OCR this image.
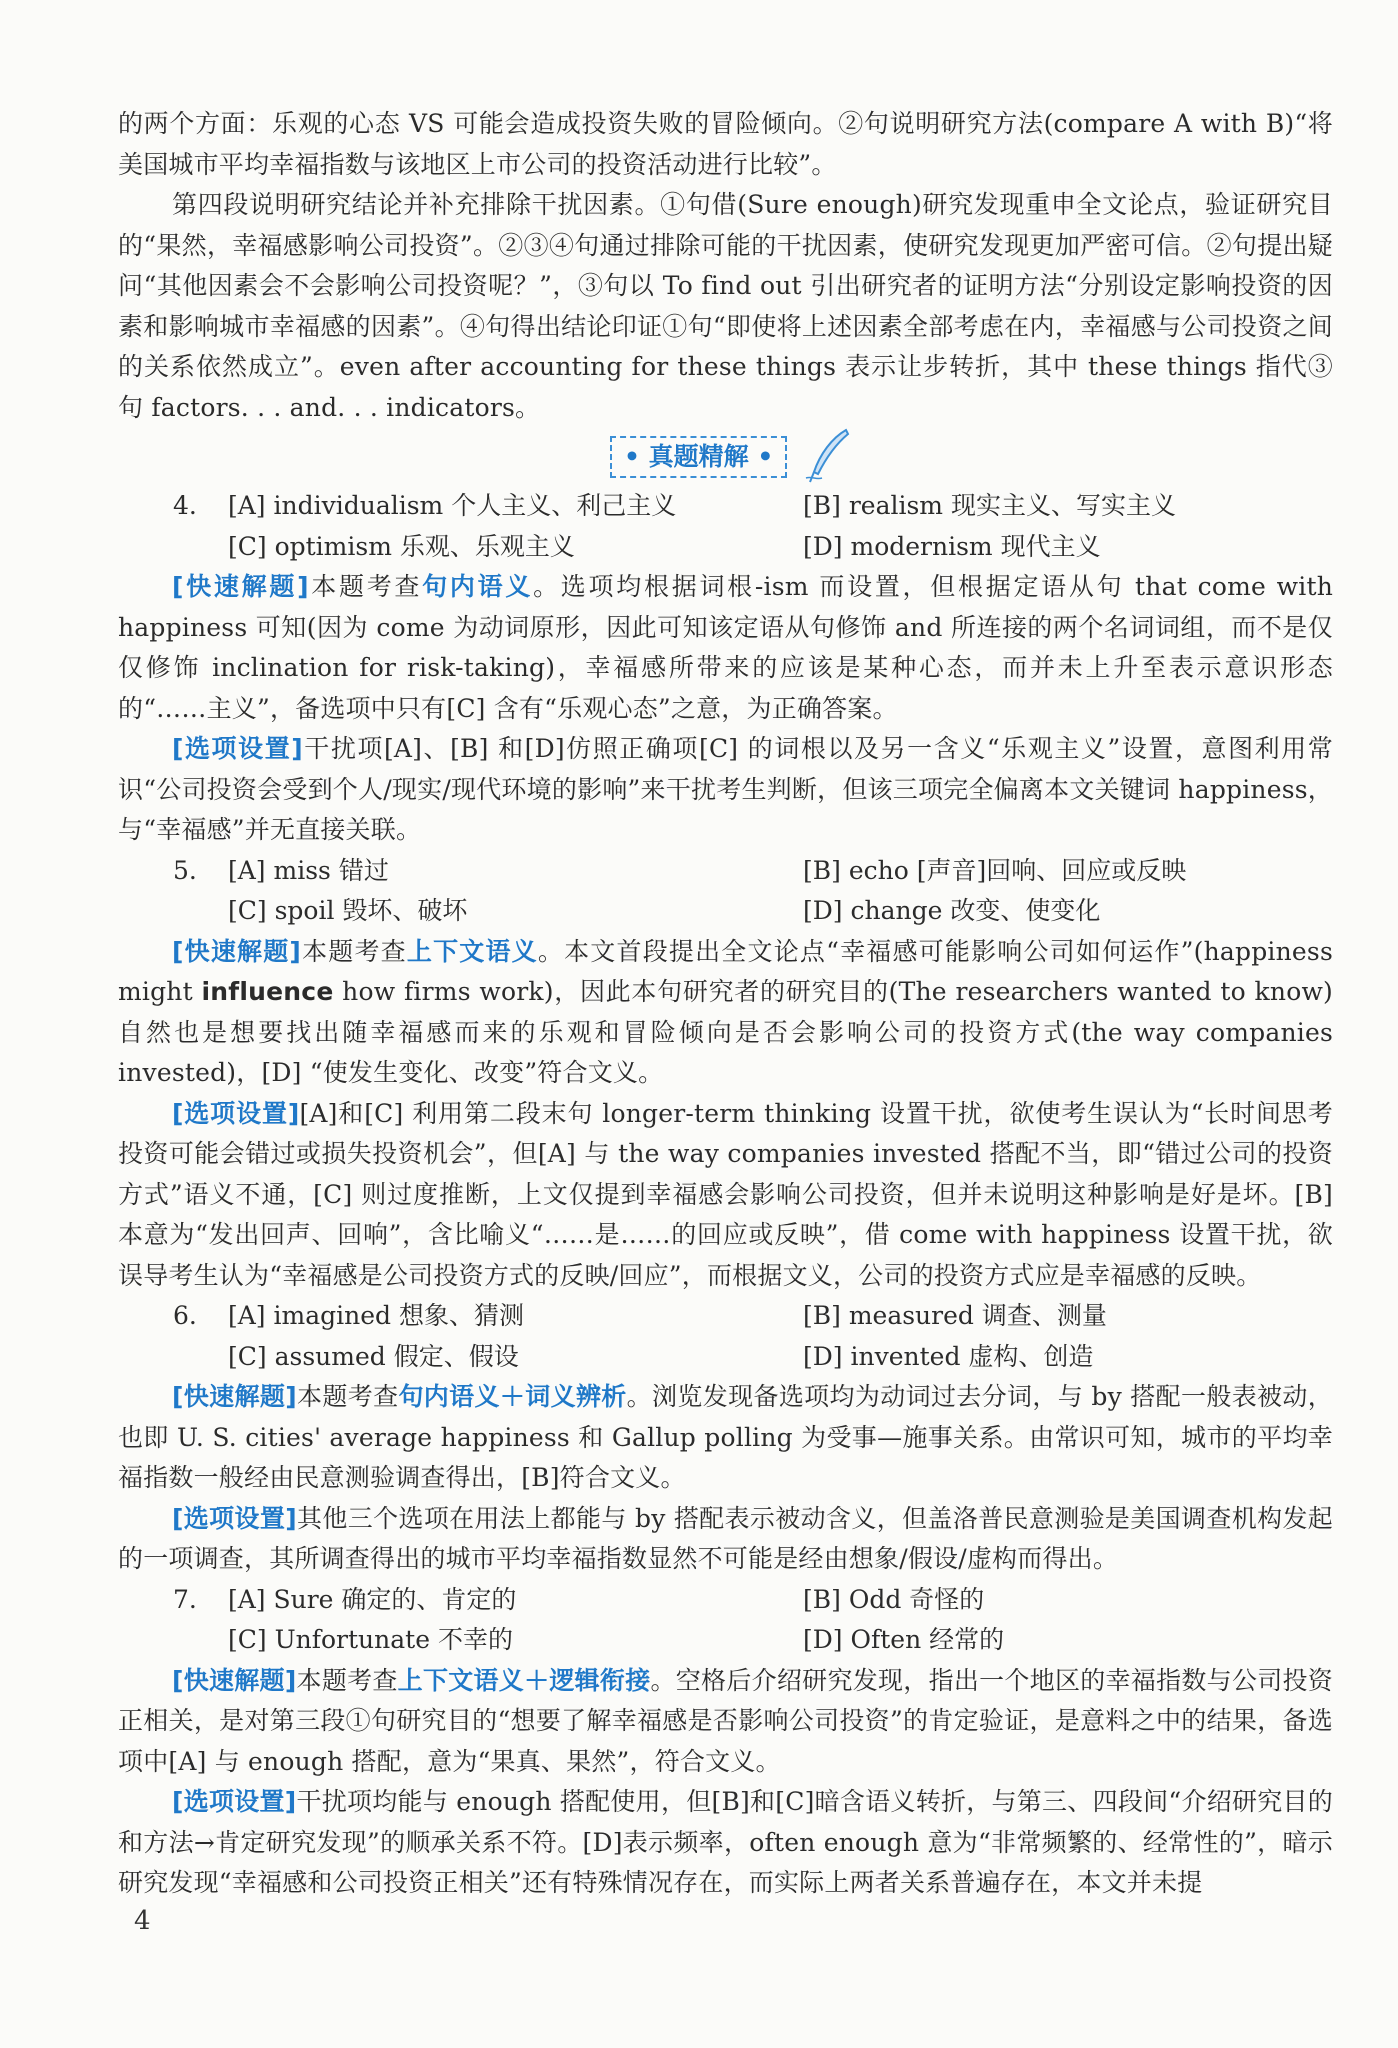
的两个方面：乐观的心态 VS 可能会造成投资失败的冒险倾向。②句说明研究方法(compare A with B)“将美国城市平均幸福指数与该地区上市公司的投资活动进行比较”。

第四段说明研究结论并补充排除干扰因素。①句借(Sure enough)研究发现重申全文论点，验证研究目的“果然，幸福感影响公司投资”。②③④句通过排除可能的干扰因素，使研究发现更加严密可信。②句提出疑问“其他因素会不会影响公司投资呢？”，③句以 To find out 引出研究者的证明方法“分别设定影响投资的因素和影响城市幸福感的因素”。④句得出结论印证①句“即使将上述因素全部考虑在内，幸福感与公司投资之间的关系依然成立”。even after accounting for these things 表示让步转折，其中 these things 指代③句 factors. . . and. . . indicators。

• 真题精解 •
4.	[A] individualism 个人主义、利己主义	[B] realism 现实主义、写实主义
[C] optimism 乐观、乐观主义	[D] modernism 现代主义

[快速解题]本题考查句内语义。选项均根据词根-ism 而设置，但根据定语从句 that come with happiness 可知(因为 come 为动词原形，因此可知该定语从句修饰 and 所连接的两个名词词组，而不是仅仅修饰 inclination for risk-taking)，幸福感所带来的应该是某种心态，而并未上升至表示意识形态的“……主义”，备选项中只有[C] 含有“乐观心态”之意，为正确答案。

[选项设置]干扰项[A]、[B] 和[D]仿照正确项[C] 的词根以及另一含义“乐观主义”设置，意图利用常识“公司投资会受到个人/现实/现代环境的影响”来干扰考生判断，但该三项完全偏离本文关键词 happiness，与“幸福感”并无直接关联。

5.	[A] miss 错过	[B] echo [声音]回响、回应或反映
[C] spoil 毁坏、破坏	[D] change 改变、使变化

[快速解题]本题考查上下文语义。本文首段提出全文论点“幸福感可能影响公司如何运作”(happiness might influence how firms work)，因此本句研究者的研究目的(The researchers wanted to know)自然也是想要找出随幸福感而来的乐观和冒险倾向是否会影响公司的投资方式(the way companies invested)，[D] “使发生变化、改变”符合文义。

[选项设置][A]和[C] 利用第二段末句 longer-term thinking 设置干扰，欲使考生误认为“长时间思考投资可能会错过或损失投资机会”，但[A] 与 the way companies invested 搭配不当，即“错过公司的投资方式”语义不通，[C] 则过度推断，上文仅提到幸福感会影响公司投资，但并未说明这种影响是好是坏。[B] 本意为“发出回声、回响”，含比喻义“……是……的回应或反映”，借 come with happiness 设置干扰，欲误导考生认为“幸福感是公司投资方式的反映/回应”，而根据文义，公司的投资方式应是幸福感的反映。

6.	[A] imagined 想象、猜测	[B] measured 调查、测量
[C] assumed 假定、假设	[D] invented 虚构、创造

[快速解题]本题考查句内语义＋词义辨析。浏览发现备选项均为动词过去分词，与 by 搭配一般表被动，也即 U. S. cities' average happiness 和 Gallup polling 为受事—施事关系。由常识可知，城市的平均幸福指数一般经由民意测验调查得出，[B]符合文义。

[选项设置]其他三个选项在用法上都能与 by 搭配表示被动含义，但盖洛普民意测验是美国调查机构发起的一项调查，其所调查得出的城市平均幸福指数显然不可能是经由想象/假设/虚构而得出。

7.	[A] Sure 确定的、肯定的	[B] Odd 奇怪的
[C] Unfortunate 不幸的	[D] Often 经常的

[快速解题]本题考查上下文语义＋逻辑衔接。空格后介绍研究发现，指出一个地区的幸福指数与公司投资正相关，是对第三段①句研究目的“想要了解幸福感是否影响公司投资”的肯定验证，是意料之中的结果，备选项中[A] 与 enough 搭配，意为“果真、果然”，符合文义。

[选项设置]干扰项均能与 enough 搭配使用，但[B]和[C]暗含语义转折，与第三、四段间“介绍研究目的和方法→肯定研究发现”的顺承关系不符。[D]表示频率，often enough 意为“非常频繁的、经常性的”，暗示研究发现“幸福感和公司投资正相关”还有特殊情况存在，而实际上两者关系普遍存在，本文并未提

4
